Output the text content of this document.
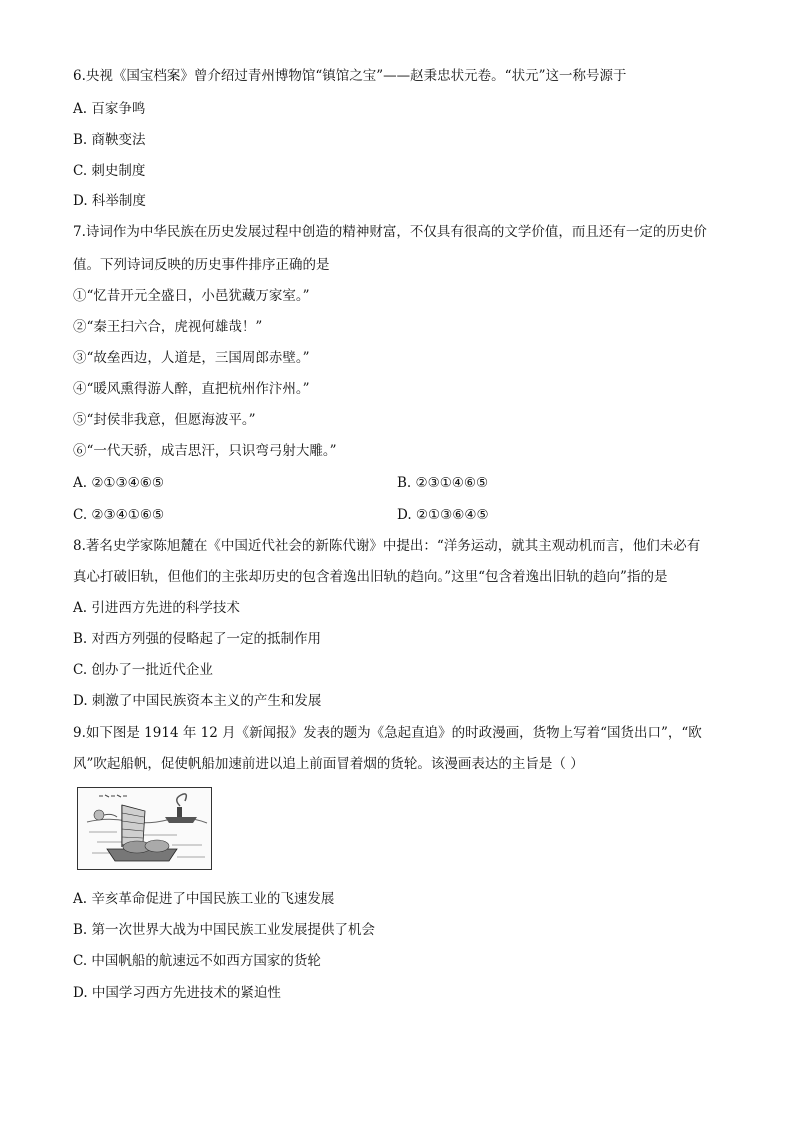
6.央视《国宝档案》曾介绍过青州博物馆“镇馆之宝”——赵秉忠状元卷。“状元”这一称号源于
A. 百家争鸣
B. 商鞅变法
C. 刺史制度
D. 科举制度
7.诗词作为中华民族在历史发展过程中创造的精神财富，不仅具有很高的文学价值，而且还有一定的历史价
值。下列诗词反映的历史事件排序正确的是
①“忆昔开元全盛日，小邑犹藏万家室。”
②“秦王扫六合，虎视何雄哉！”
③“故垒西边，人道是，三国周郎赤壁。”
④“暖风熏得游人醉，直把杭州作汴州。”
⑤“封侯非我意，但愿海波平。”
⑥“一代天骄，成吉思汗，只识弯弓射大雕。”
A. ②①③④⑥⑤	B. ②③①④⑥⑤
C. ②③④①⑥⑤	D. ②①③⑥④⑤
8.著名史学家陈旭麓在《中国近代社会的新陈代谢》中提出：“洋务运动，就其主观动机而言，他们未必有
真心打破旧轨，但他们的主张却历史的包含着逸出旧轨的趋向。”这里“包含着逸出旧轨的趋向”指的是
A. 引进西方先进的科学技术
B. 对西方列强的侵略起了一定的抵制作用
C. 创办了一批近代企业
D. 刺激了中国民族资本主义的产生和发展
9.如下图是 1914 年 12 月《新闻报》发表的题为《急起直追》的时政漫画，货物上写着“国货出口”，“欧
风”吹起船帆，促使帆船加速前进以追上前面冒着烟的货轮。该漫画表达的主旨是（ ）
A. 辛亥革命促进了中国民族工业的飞速发展
B. 第一次世界大战为中国民族工业发展提供了机会
C. 中国帆船的航速远不如西方国家的货轮
D. 中国学习西方先进技术的紧迫性
